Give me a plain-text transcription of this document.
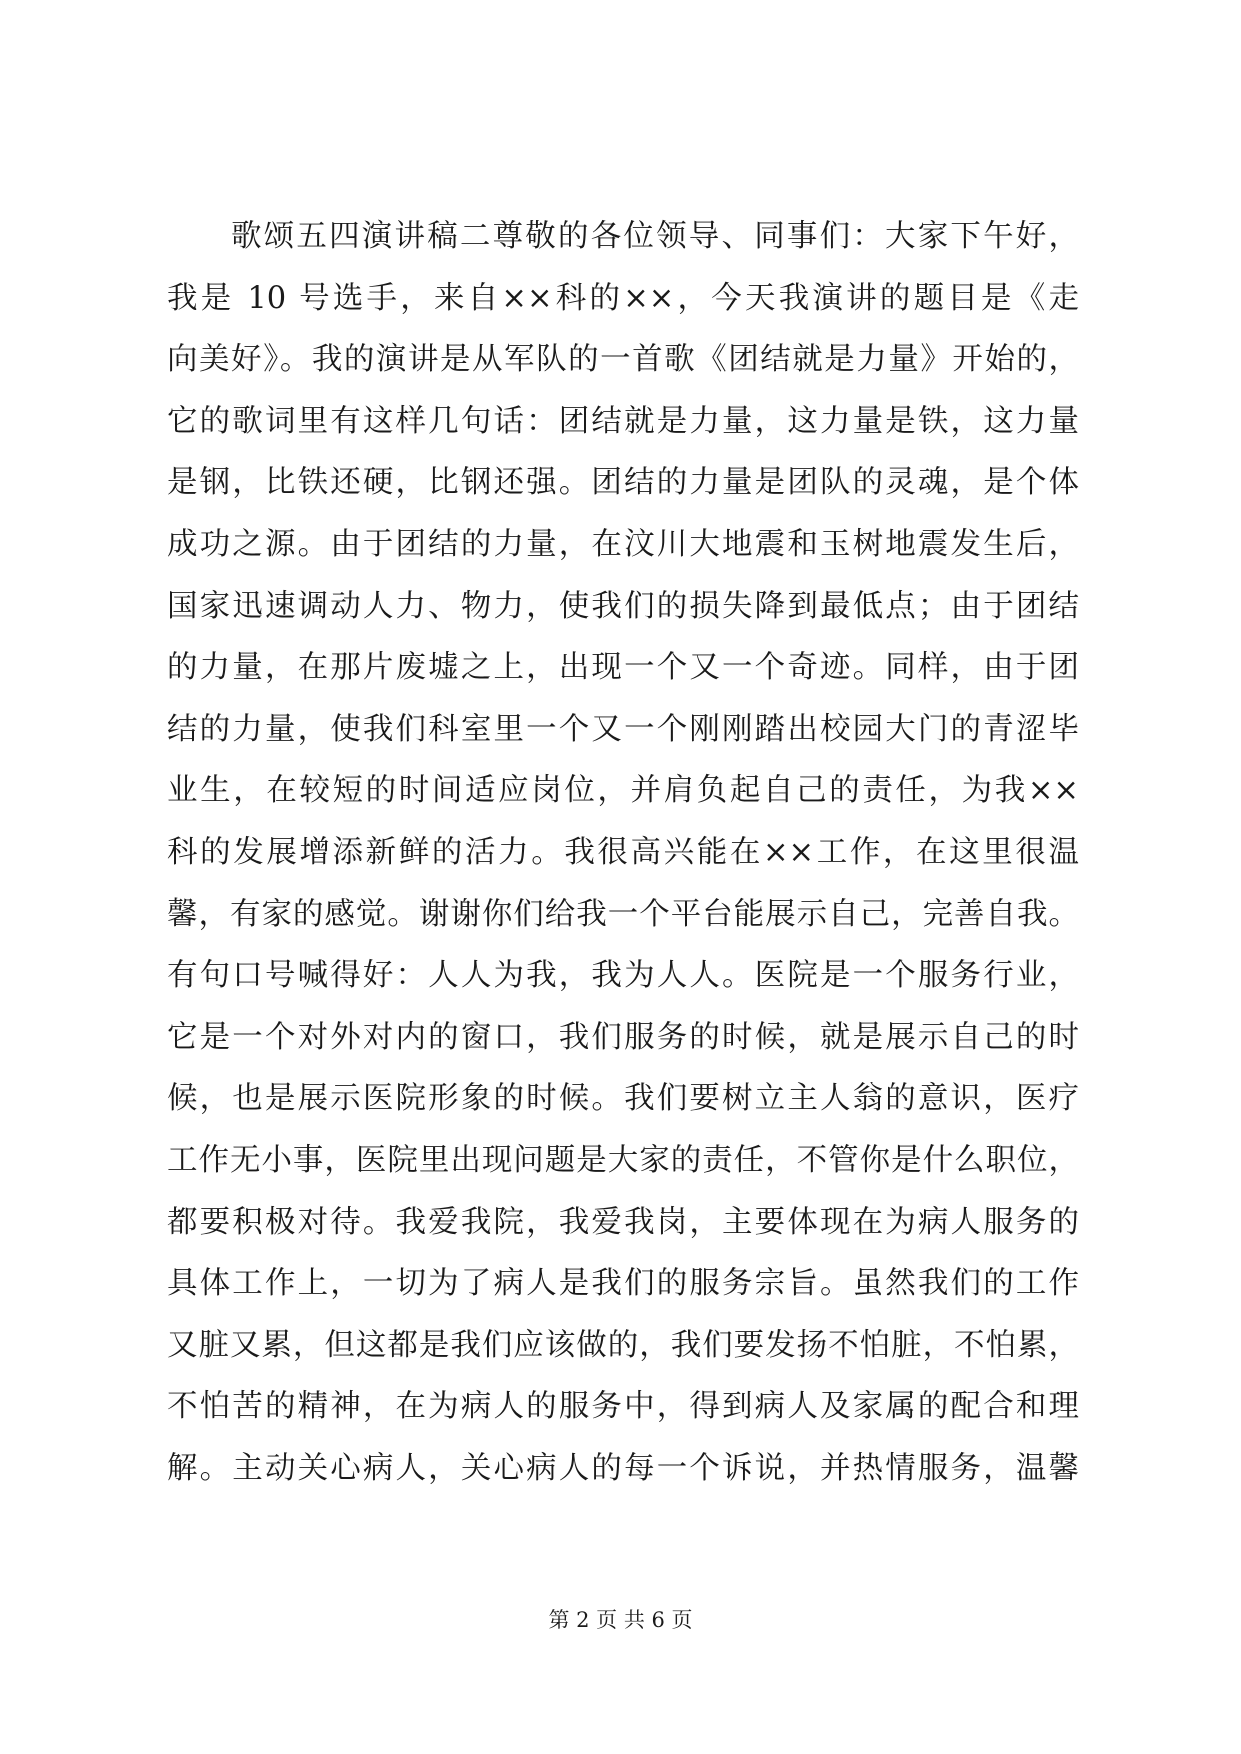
歌颂五四演讲稿二尊敬的各位领导、同事们：大家下午好，
我是 10 号选手，来自××科的××，今天我演讲的题目是《走
向美好》。我的演讲是从军队的一首歌《团结就是力量》开始的，
它的歌词里有这样几句话：团结就是力量，这力量是铁，这力量
是钢，比铁还硬，比钢还强。团结的力量是团队的灵魂，是个体
成功之源。由于团结的力量，在汶川大地震和玉树地震发生后，
国家迅速调动人力、物力，使我们的损失降到最低点；由于团结
的力量，在那片废墟之上，出现一个又一个奇迹。同样，由于团
结的力量，使我们科室里一个又一个刚刚踏出校园大门的青涩毕
业生，在较短的时间适应岗位，并肩负起自己的责任，为我××
科的发展增添新鲜的活力。我很高兴能在××工作，在这里很温
馨，有家的感觉。谢谢你们给我一个平台能展示自己，完善自我。
有句口号喊得好：人人为我，我为人人。医院是一个服务行业，
它是一个对外对内的窗口，我们服务的时候，就是展示自己的时
候，也是展示医院形象的时候。我们要树立主人翁的意识，医疗
工作无小事，医院里出现问题是大家的责任，不管你是什么职位，
都要积极对待。我爱我院，我爱我岗，主要体现在为病人服务的
具体工作上，一切为了病人是我们的服务宗旨。虽然我们的工作
又脏又累，但这都是我们应该做的，我们要发扬不怕脏，不怕累，
不怕苦的精神，在为病人的服务中，得到病人及家属的配合和理
解。主动关心病人，关心病人的每一个诉说，并热情服务，温馨
第 2 页 共 6 页
